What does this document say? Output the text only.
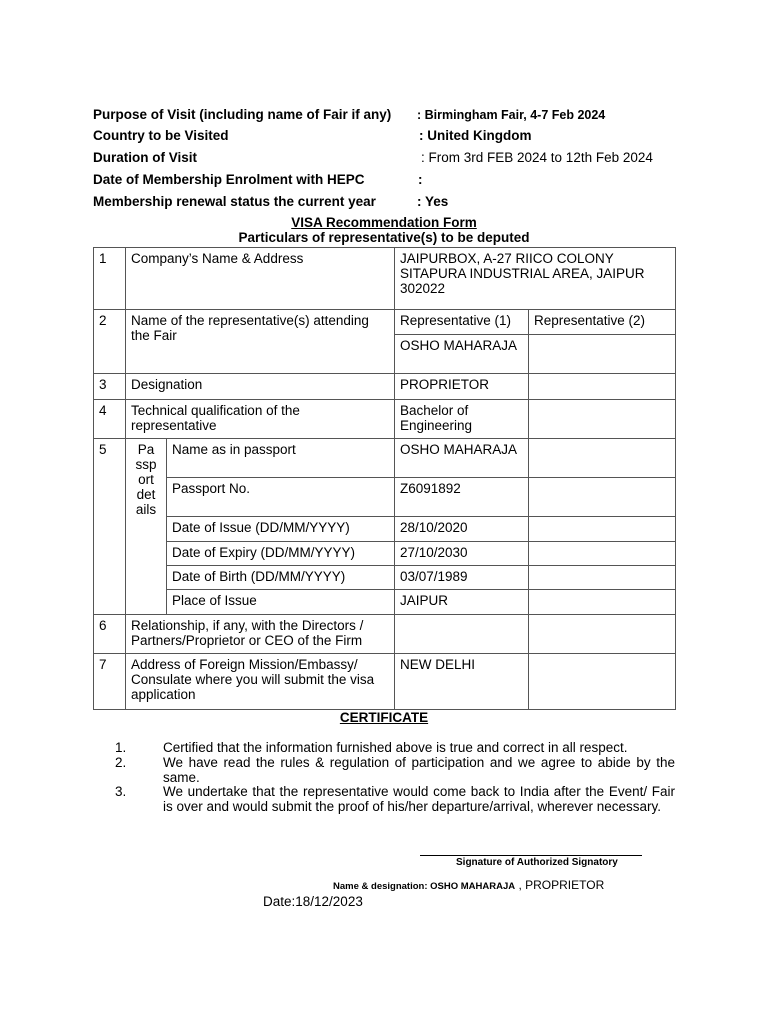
Purpose of Visit (including name of Fair if any) : Birmingham Fair, 4-7 Feb 2024
Country to be Visited	: United Kingdom
Duration of Visit	: From 3rd FEB 2024 to 12th Feb 2024
Date of Membership Enrolment with HEPC	:
Membership renewal status the current year	: Yes
VISA Recommendation Form
Particulars of representative(s) to be deputed
1	Company’s Name & Address		JAIPURBOX, A-27 RIICO COLONY SITAPURA INDUSTRIAL AREA, JAIPUR 302022	
2	Name of the representative(s) attending the Fair		Representative (1)	Representative (2)
			OSHO MAHARAJA	
3	Designation		PROPRIETOR	
4	Technical qualification of the representative		Bachelor of Engineering	
5	Pa ssp ort det ails	Name as in passport	OSHO MAHARAJA	
		Passport No.	Z6091892	
		Date of Issue (DD/MM/YYYY)	28/10/2020	
		Date of Expiry (DD/MM/YYYY)	27/10/2030	
		Date of Birth (DD/MM/YYYY)	03/07/1989	
		Place of Issue	JAIPUR	
6	Relationship, if any, with the Directors / Partners/Proprietor or CEO of the Firm			
7	Address of Foreign Mission/Embassy/ Consulate where you will submit the visa application		NEW DELHI	
CERTIFICATE
1.	Certified that the information furnished above is true and correct in all respect.
2.	We have read the rules & regulation of participation and we agree to abide by the same.
3.	We undertake that the representative would come back to India after the Event/ Fair is over and would submit the proof of his/her departure/arrival, wherever necessary.
Signature of Authorized Signatory
Name & designation: OSHO MAHARAJA , PROPRIETOR
Date:18/12/2023
